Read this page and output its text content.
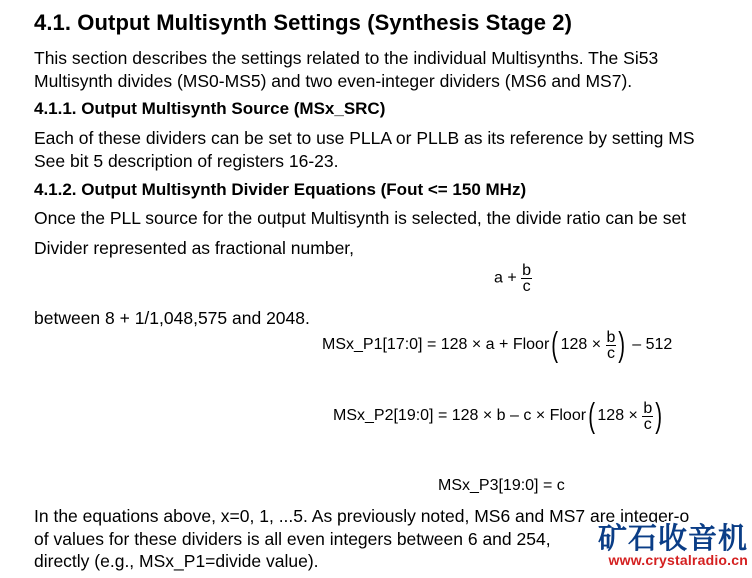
4.1. Output Multisynth Settings (Synthesis Stage 2)
This section describes the settings related to the individual Multisynths. The Si53
Multisynth divides (MS0-MS5) and two even-integer dividers (MS6 and MS7).
4.1.1. Output Multisynth Source (MSx_SRC)
Each of these dividers can be set to use PLLA or PLLB as its reference by setting MS
See bit 5 description of registers 16-23.
4.1.2. Output Multisynth Divider Equations (Fout <= 150 MHz)
Once the PLL source for the output Multisynth is selected, the divide ratio can be set
Divider represented as fractional number,
$a + \frac{b}{c}$
between 8 + 1/1,048,575 and 2048.
MSx_P1[17:0] = 128 × a + Floor( $128 \times \frac{b}{c}$ ) – 512
MSx_P2[19:0] = 128 × b – c × Floor( $128 \times \frac{b}{c}$ )
MSx_P3[19:0] = c
In the equations above, x=0, 1, ...5. As previously noted, MS6 and MS7 are integer-o
of values for these dividers is all even integers between 6 and 254,
directly (e.g., MSx_P1=divide value).
矿石收音机
www.crystalradio.cn
